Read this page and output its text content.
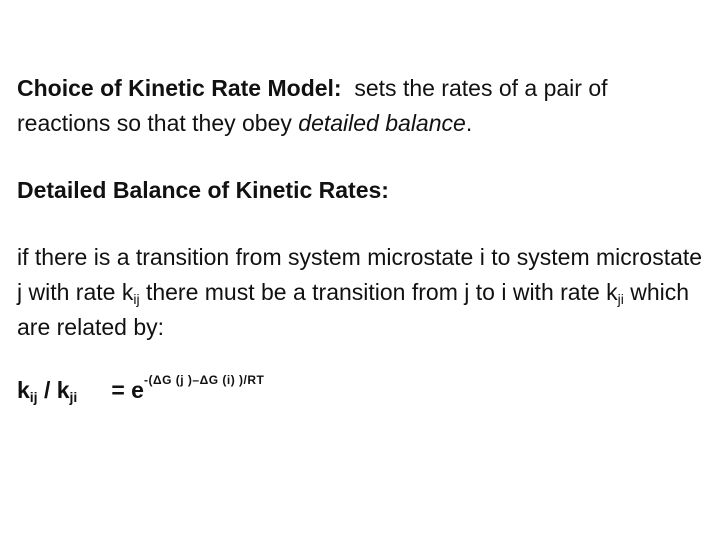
Choice of Kinetic Rate Model:  sets the rates of a pair of reactions so that they obey detailed balance.

Detailed Balance of Kinetic Rates:

if there is a transition from system microstate i to system microstate j with rate $k_{ij}$ there must be a transition from j to i with rate $k_{ji}$ which are related by:

$k_{ij} / k_{ji} = e^{-(\Delta G (j )-\Delta G (i) )/RT}$
